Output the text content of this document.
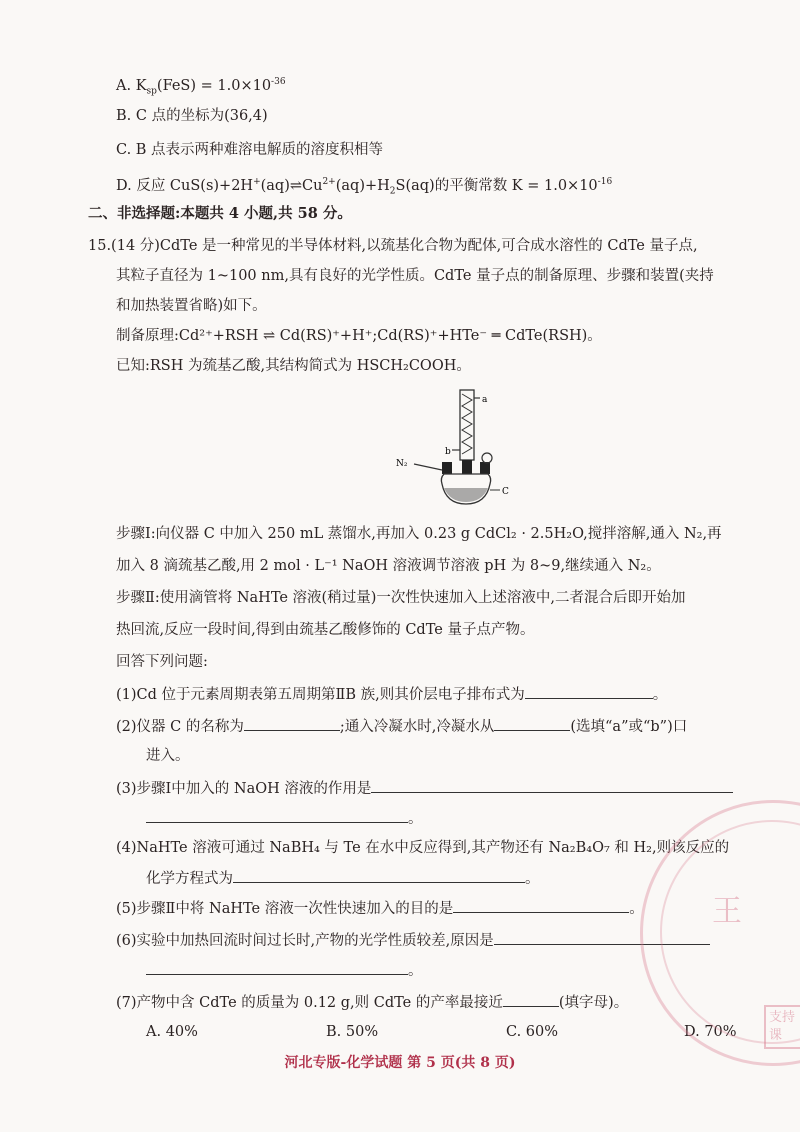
A. $K_{sp}(FeS) = 1.0\times 10^{-36}$
B. C 点的坐标为(36,4)
C. B 点表示两种难溶电解质的溶度积相等
D. 反应 $CuS(s)+2H^+(aq)\rightleftharpoons Cu^{2+}(aq)+H_2S(aq)$的平衡常数 $K = 1.0\times 10^{-16}$
二、非选择题:本题共 4 小题,共 58 分。
15.(14 分)CdTe 是一种常见的半导体材料,以巯基化合物为配体,可合成水溶性的 CdTe 量子点,
其粒子直径为 1~100 nm,具有良好的光学性质。CdTe 量子点的制备原理、步骤和装置(夹持
和加热装置省略)如下。
制备原理:Cd²⁺+RSH ⇌ Cd(RS)⁺+H⁺;Cd(RS)⁺+HTe⁻ ═ CdTe(RSH)。
已知:RSH 为巯基乙酸,其结构简式为 HSCH₂COOH。
a
b
N₂
C
步骤Ⅰ:向仪器 C 中加入 250 mL 蒸馏水,再加入 0.23 g CdCl₂ · 2.5H₂O,搅拌溶解,通入 N₂,再
加入 8 滴巯基乙酸,用 2 mol · L⁻¹ NaOH 溶液调节溶液 pH 为 8~9,继续通入 N₂。
步骤Ⅱ:使用滴管将 NaHTe 溶液(稍过量)一次性快速加入上述溶液中,二者混合后即开始加
热回流,反应一段时间,得到由巯基乙酸修饰的 CdTe 量子点产物。
回答下列问题:
(1)Cd 位于元素周期表第五周期第ⅡB 族,则其价层电子排布式为	。
(2)仪器 C 的名称为	;通入冷凝水时,冷凝水从	(选填“a”或“b”)口
进入。
(3)步骤Ⅰ中加入的 NaOH 溶液的作用是
。
(4)NaHTe 溶液可通过 NaBH₄ 与 Te 在水中反应得到,其产物还有 Na₂B₄O₇ 和 H₂,则该反应的
化学方程式为	。
(5)步骤Ⅱ中将 NaHTe 溶液一次性快速加入的目的是	。
(6)实验中加热回流时间过长时,产物的光学性质较差,原因是
。
(7)产物中含 CdTe 的质量为 0.12 g,则 CdTe 的产率最接近	(填字母)。
A. 40%	B. 50%	C. 60%	D. 70%
河北专版-化学试题 第 5 页(共 8 页)
王
支持
课
